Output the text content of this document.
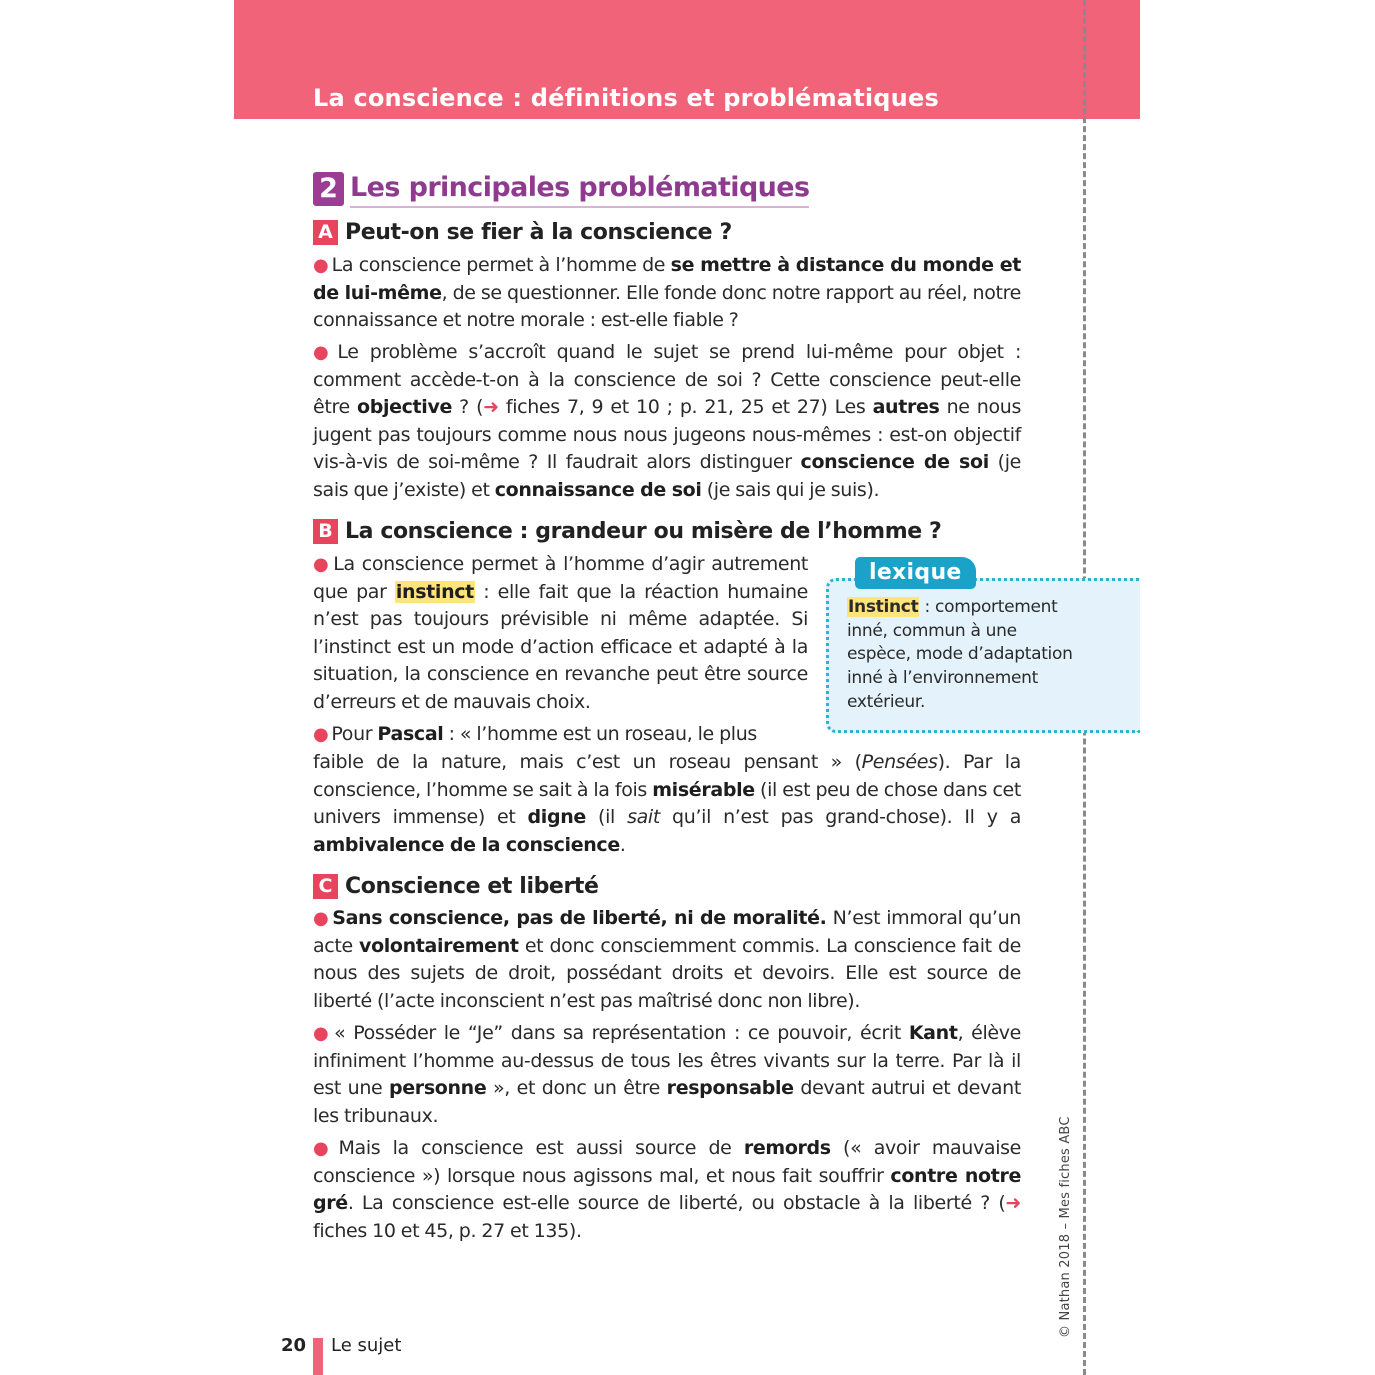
La conscience : définitions et problématiques
2 Les principales problématiques
A Peut-on se fier à la conscience ?

● La conscience permet à l’homme de se mettre à distance du monde et de lui-même, de se questionner. Elle fonde donc notre rapport au réel, notre connaissance et notre morale : est-elle fiable ?

● Le problème s’accroît quand le sujet se prend lui-même pour objet : comment accède-t-on à la conscience de soi ? Cette conscience peut-elle être objective ? (➜ fiches 7, 9 et 10 ; p. 21, 25 et 27) Les autres ne nous jugent pas toujours comme nous nous jugeons nous-mêmes : est-on objectif vis-à-vis de soi-même ? Il faudrait alors distinguer conscience de soi (je sais que j’existe) et connaissance de soi (je sais qui je suis).

B La conscience : grandeur ou misère de l’homme ?

● La conscience permet à l’homme d’agir autrement que par instinct : elle fait que la réaction humaine n’est pas toujours prévisible ni même adaptée. Si l’instinct est un mode d’action efficace et adapté à la situation, la conscience en revanche peut être source d’erreurs et de mauvais choix.

● Pour Pascal : « l’homme est un roseau, le plus

faible de la nature, mais c’est un roseau pensant » (Pensées). Par la conscience, l’homme se sait à la fois misérable (il est peu de chose dans cet univers immense) et digne (il sait qu’il n’est pas grand-chose). Il y a ambivalence de la conscience.

lexique

Instinct : comportement inné, commun à une espèce, mode d’adaptation inné à l’environnement extérieur.

C Conscience et liberté

● Sans conscience, pas de liberté, ni de moralité. N’est immoral qu’un acte volontairement et donc consciemment commis. La conscience fait de nous des sujets de droit, possédant droits et devoirs. Elle est source de liberté (l’acte inconscient n’est pas maîtrisé donc non libre).

● « Posséder le “Je” dans sa représentation : ce pouvoir, écrit Kant, élève infiniment l’homme au-dessus de tous les êtres vivants sur la terre. Par là il est une personne », et donc un être responsable devant autrui et devant les tribunaux.

● Mais la conscience est aussi source de remords (« avoir mauvaise conscience ») lorsque nous agissons mal, et nous fait souffrir contre notre gré. La conscience est-elle source de liberté, ou obstacle à la liberté ? (➜ fiches 10 et 45, p. 27 et 135).

20 Le sujet
© Nathan 2018 – Mes fiches ABC
